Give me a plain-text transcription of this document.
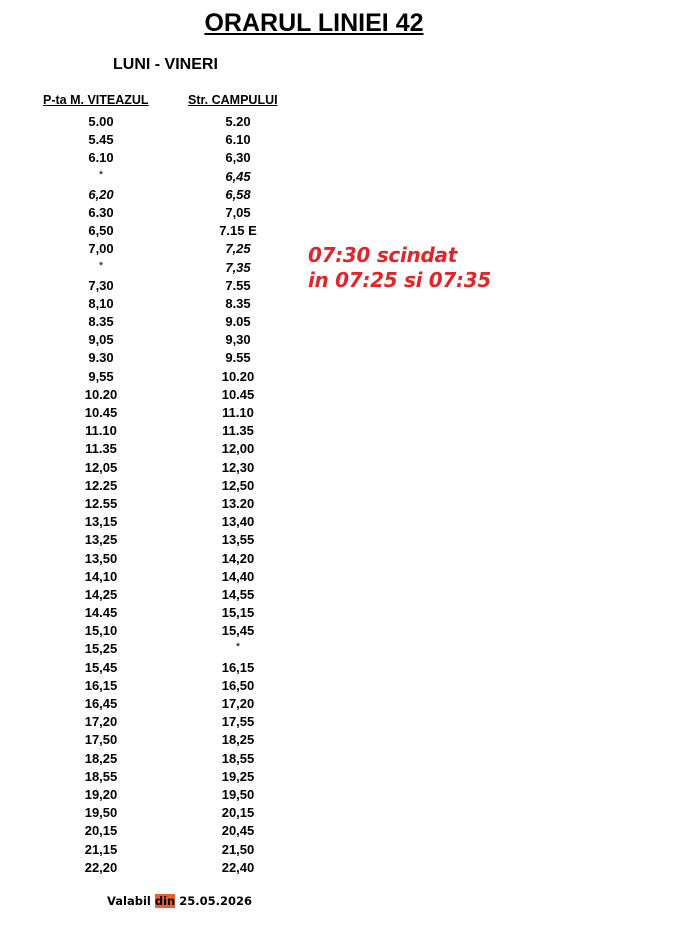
ORARUL LINIEI 42
LUNI - VINERI
P-ta M. VITEAZUL	Str. CAMPULUI
5.00	5.20
5.45	6.10
6.10	6,30
*	6,45
6,20	6,58
6.30	7,05
6,50	7.15 E
7,00	7,25
*	7,35
7,30	7.55
8,10	8.35
8.35	9.05
9,05	9,30
9.30	9.55
9,55	10.20
10.20	10.45
10.45	11.10
11.10	11.35
11.35	12,00
12,05	12,30
12.25	12,50
12.55	13.20
13,15	13,40
13,25	13,55
13,50	14,20
14,10	14,40
14,25	14,55
14.45	15,15
15,10	15,45
15,25	*
15,45	16,15
16,15	16,50
16,45	17,20
17,20	17,55
17,50	18,25
18,25	18,55
18,55	19,25
19,20	19,50
19,50	20,15
20,15	20,45
21,15	21,50
22,20	22,40
07:30 scindat
in 07:25 si 07:35
Valabil din 25.05.2026
